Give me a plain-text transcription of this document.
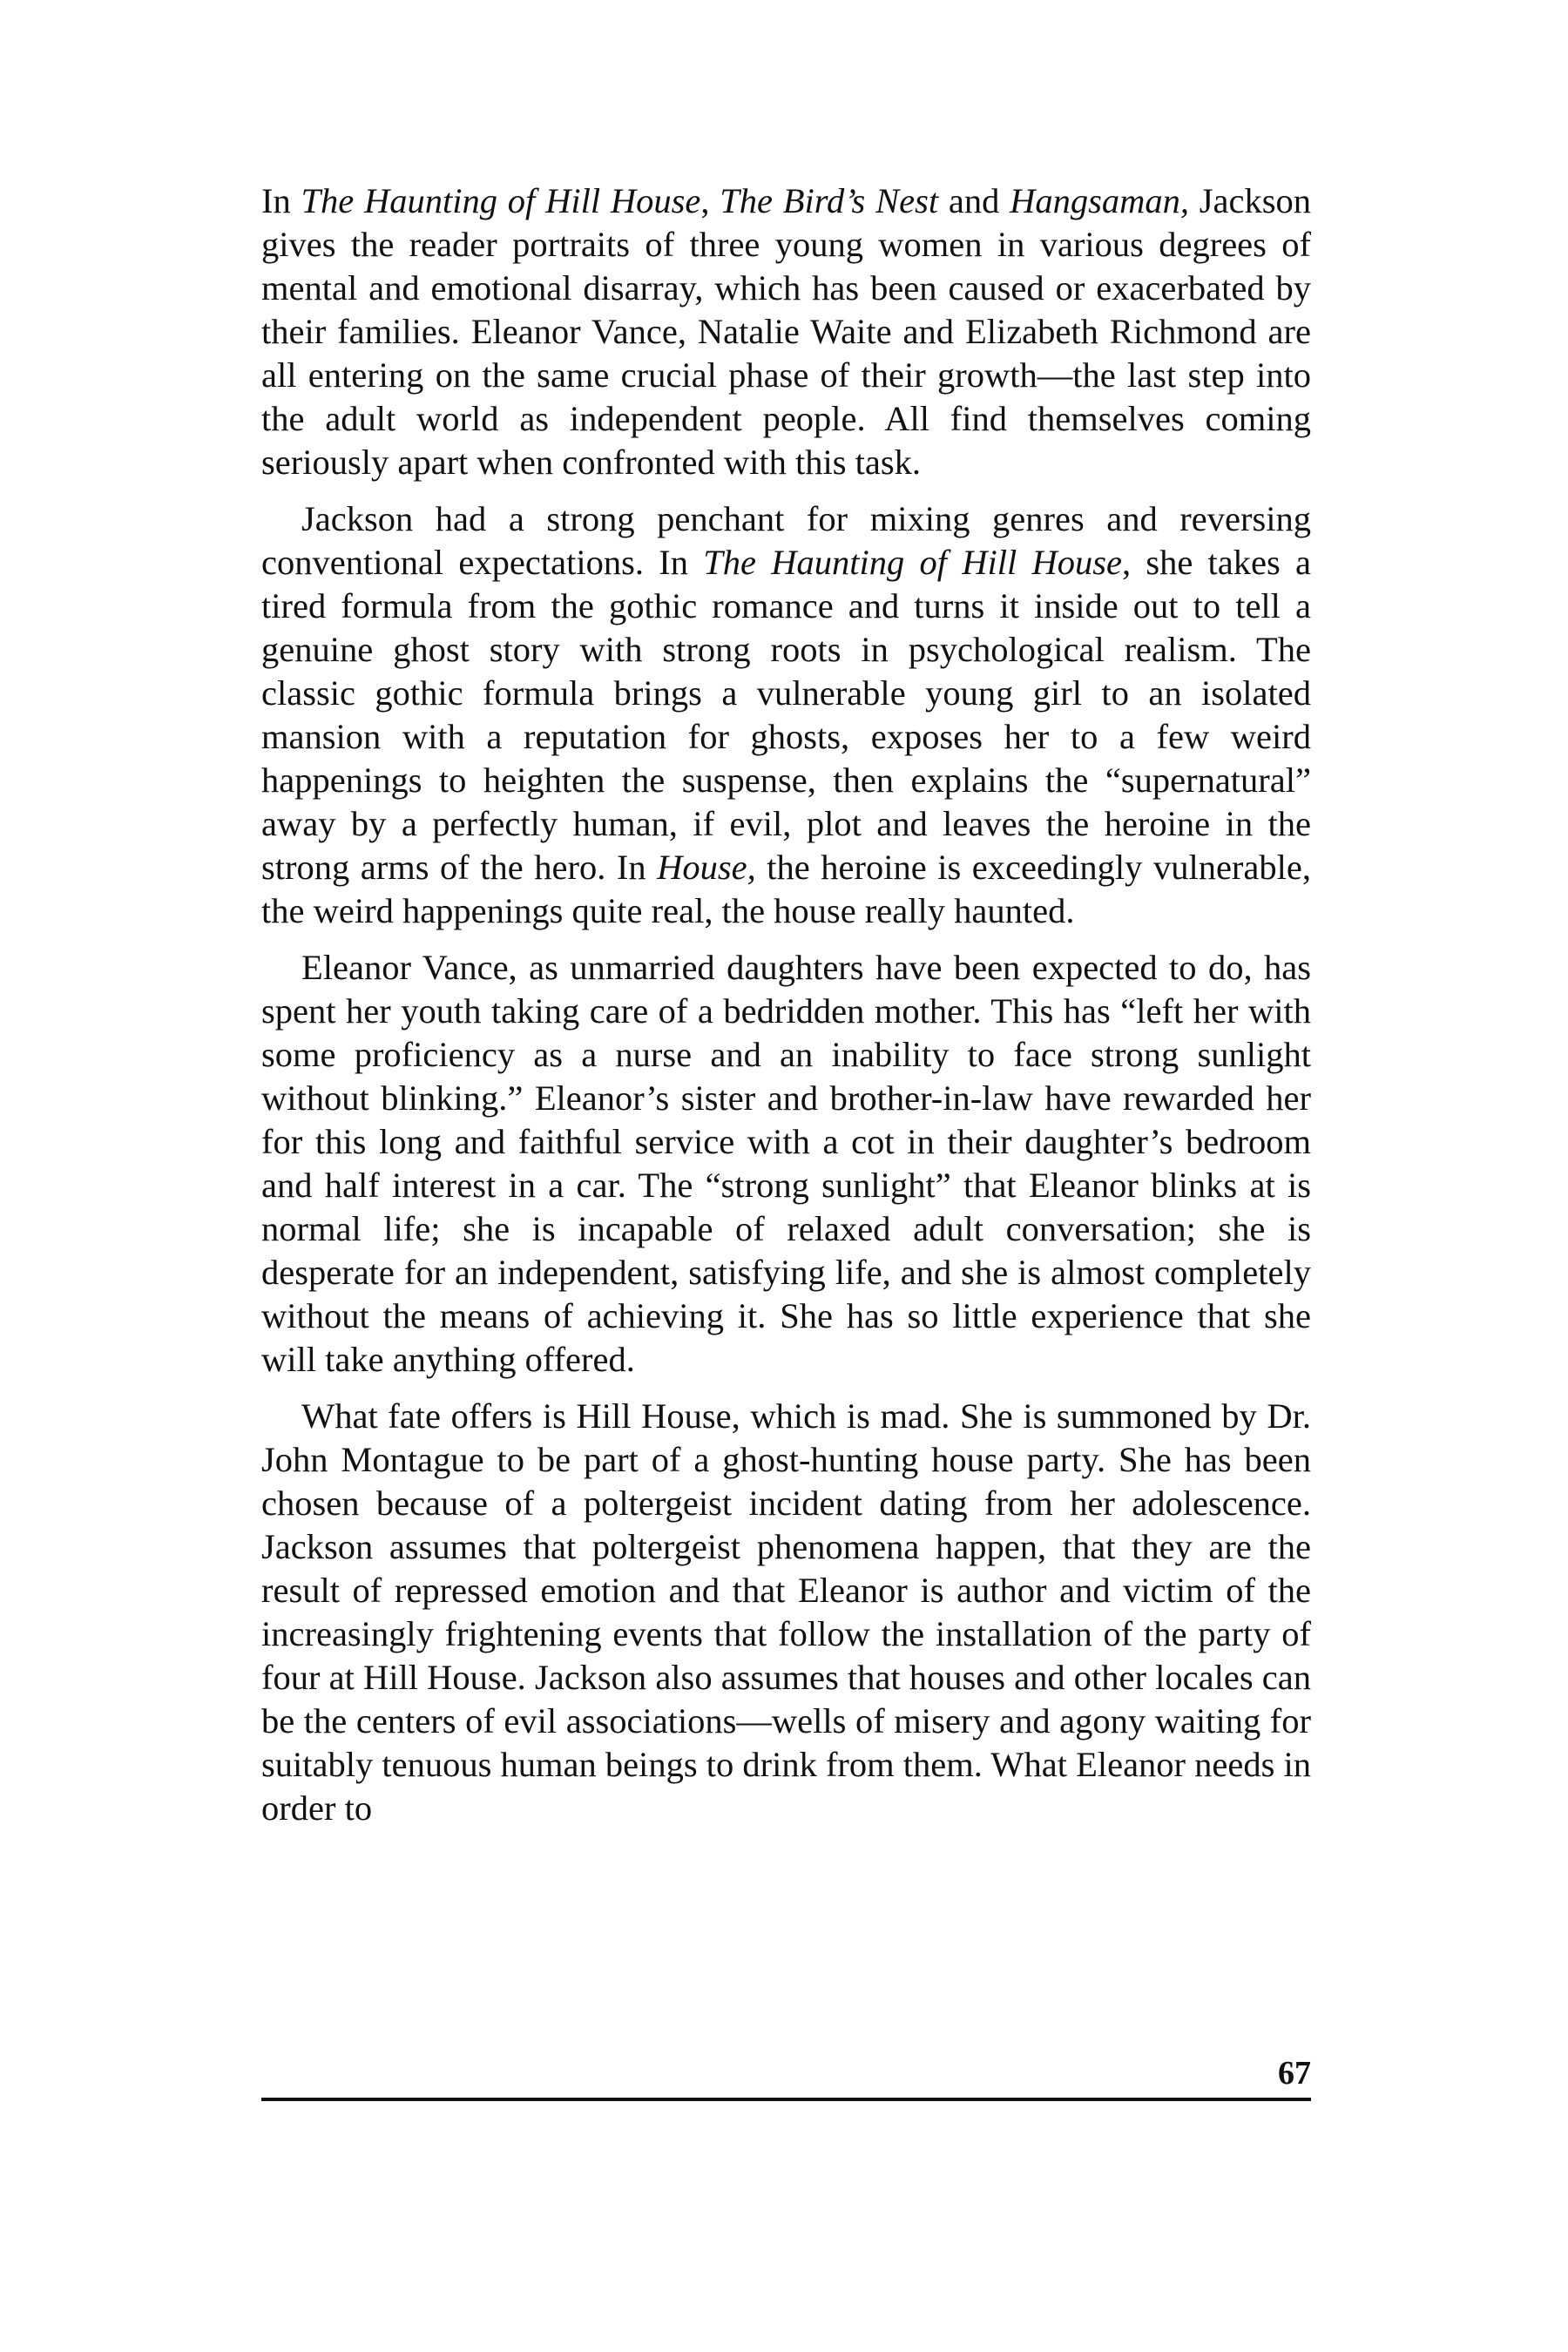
In The Haunting of Hill House, The Bird’s Nest and Hangsaman, Jackson gives the reader portraits of three young women in various degrees of mental and emotional disarray, which has been caused or exacerbated by their families. Eleanor Vance, Natalie Waite and Elizabeth Richmond are all entering on the same crucial phase of their growth—the last step into the adult world as independent people. All find themselves coming seriously apart when confronted with this task.

Jackson had a strong penchant for mixing genres and reversing conventional expectations. In The Haunting of Hill House, she takes a tired formula from the gothic romance and turns it inside out to tell a genuine ghost story with strong roots in psychological realism. The classic gothic formula brings a vulnerable young girl to an isolated mansion with a reputation for ghosts, exposes her to a few weird happenings to heighten the suspense, then explains the “supernatural” away by a perfectly human, if evil, plot and leaves the heroine in the strong arms of the hero. In House, the heroine is exceedingly vulnerable, the weird happenings quite real, the house really haunted.

Eleanor Vance, as unmarried daughters have been expected to do, has spent her youth taking care of a bedridden mother. This has “left her with some proficiency as a nurse and an inability to face strong sunlight without blinking.” Eleanor’s sister and brother-in-law have rewarded her for this long and faithful service with a cot in their daughter’s bedroom and half interest in a car. The “strong sunlight” that Eleanor blinks at is normal life; she is incapable of relaxed adult conversation; she is desperate for an independent, satisfying life, and she is almost completely without the means of achieving it. She has so little experience that she will take anything offered.

What fate offers is Hill House, which is mad. She is summoned by Dr. John Montague to be part of a ghost-hunting house party. She has been chosen because of a poltergeist incident dating from her adolescence. Jackson assumes that poltergeist phenomena happen, that they are the result of repressed emotion and that Eleanor is author and victim of the increasingly frightening events that follow the installation of the party of four at Hill House. Jackson also assumes that houses and other locales can be the centers of evil associations—wells of misery and agony waiting for suitably tenuous human beings to drink from them. What Eleanor needs in order to

67
